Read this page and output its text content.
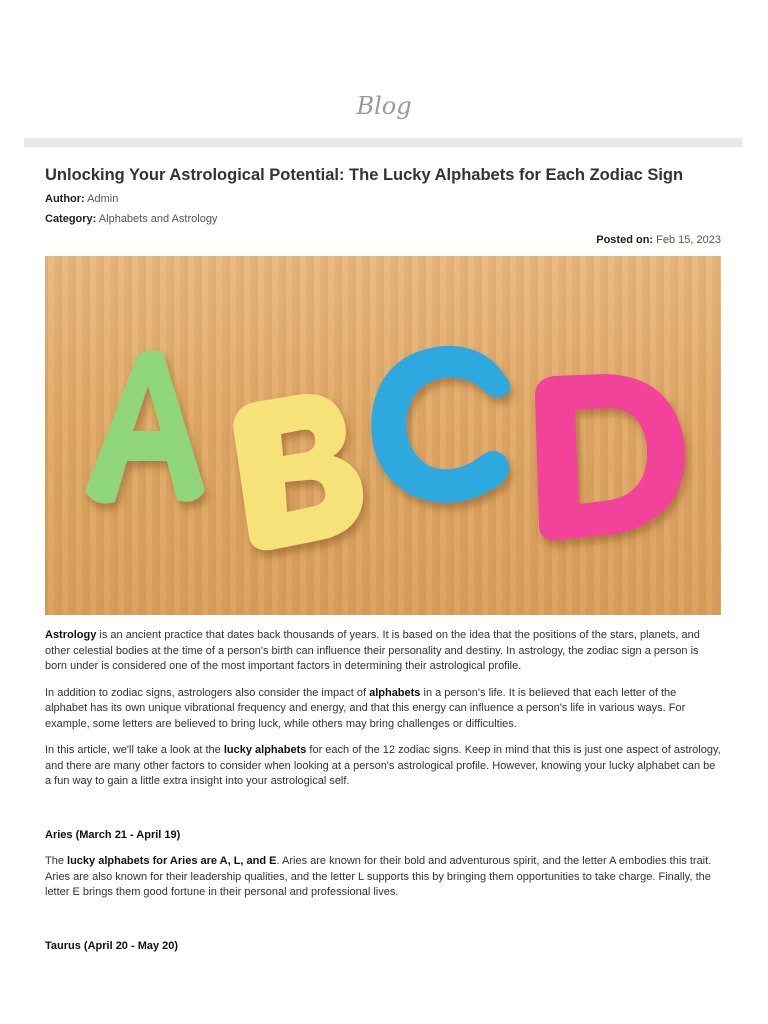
Blog
Unlocking Your Astrological Potential: The Lucky Alphabets for Each Zodiac Sign
Author: Admin
Category: Alphabets and Astrology
Posted on: Feb 15, 2023

Astrology is an ancient practice that dates back thousands of years. It is based on the idea that the positions of the stars, planets, and other celestial bodies at the time of a person's birth can influence their personality and destiny. In astrology, the zodiac sign a person is born under is considered one of the most important factors in determining their astrological profile.

In addition to zodiac signs, astrologers also consider the impact of alphabets in a person's life. It is believed that each letter of the alphabet has its own unique vibrational frequency and energy, and that this energy can influence a person's life in various ways. For example, some letters are believed to bring luck, while others may bring challenges or difficulties.

In this article, we'll take a look at the lucky alphabets for each of the 12 zodiac signs. Keep in mind that this is just one aspect of astrology, and there are many other factors to consider when looking at a person's astrological profile. However, knowing your lucky alphabet can be a fun way to gain a little extra insight into your astrological self.

Aries (March 21 - April 19)

The lucky alphabets for Aries are A, L, and E. Aries are known for their bold and adventurous spirit, and the letter A embodies this trait. Aries are also known for their leadership qualities, and the letter L supports this by bringing them opportunities to take charge. Finally, the letter E brings them good fortune in their personal and professional lives.

Taurus (April 20 - May 20)
